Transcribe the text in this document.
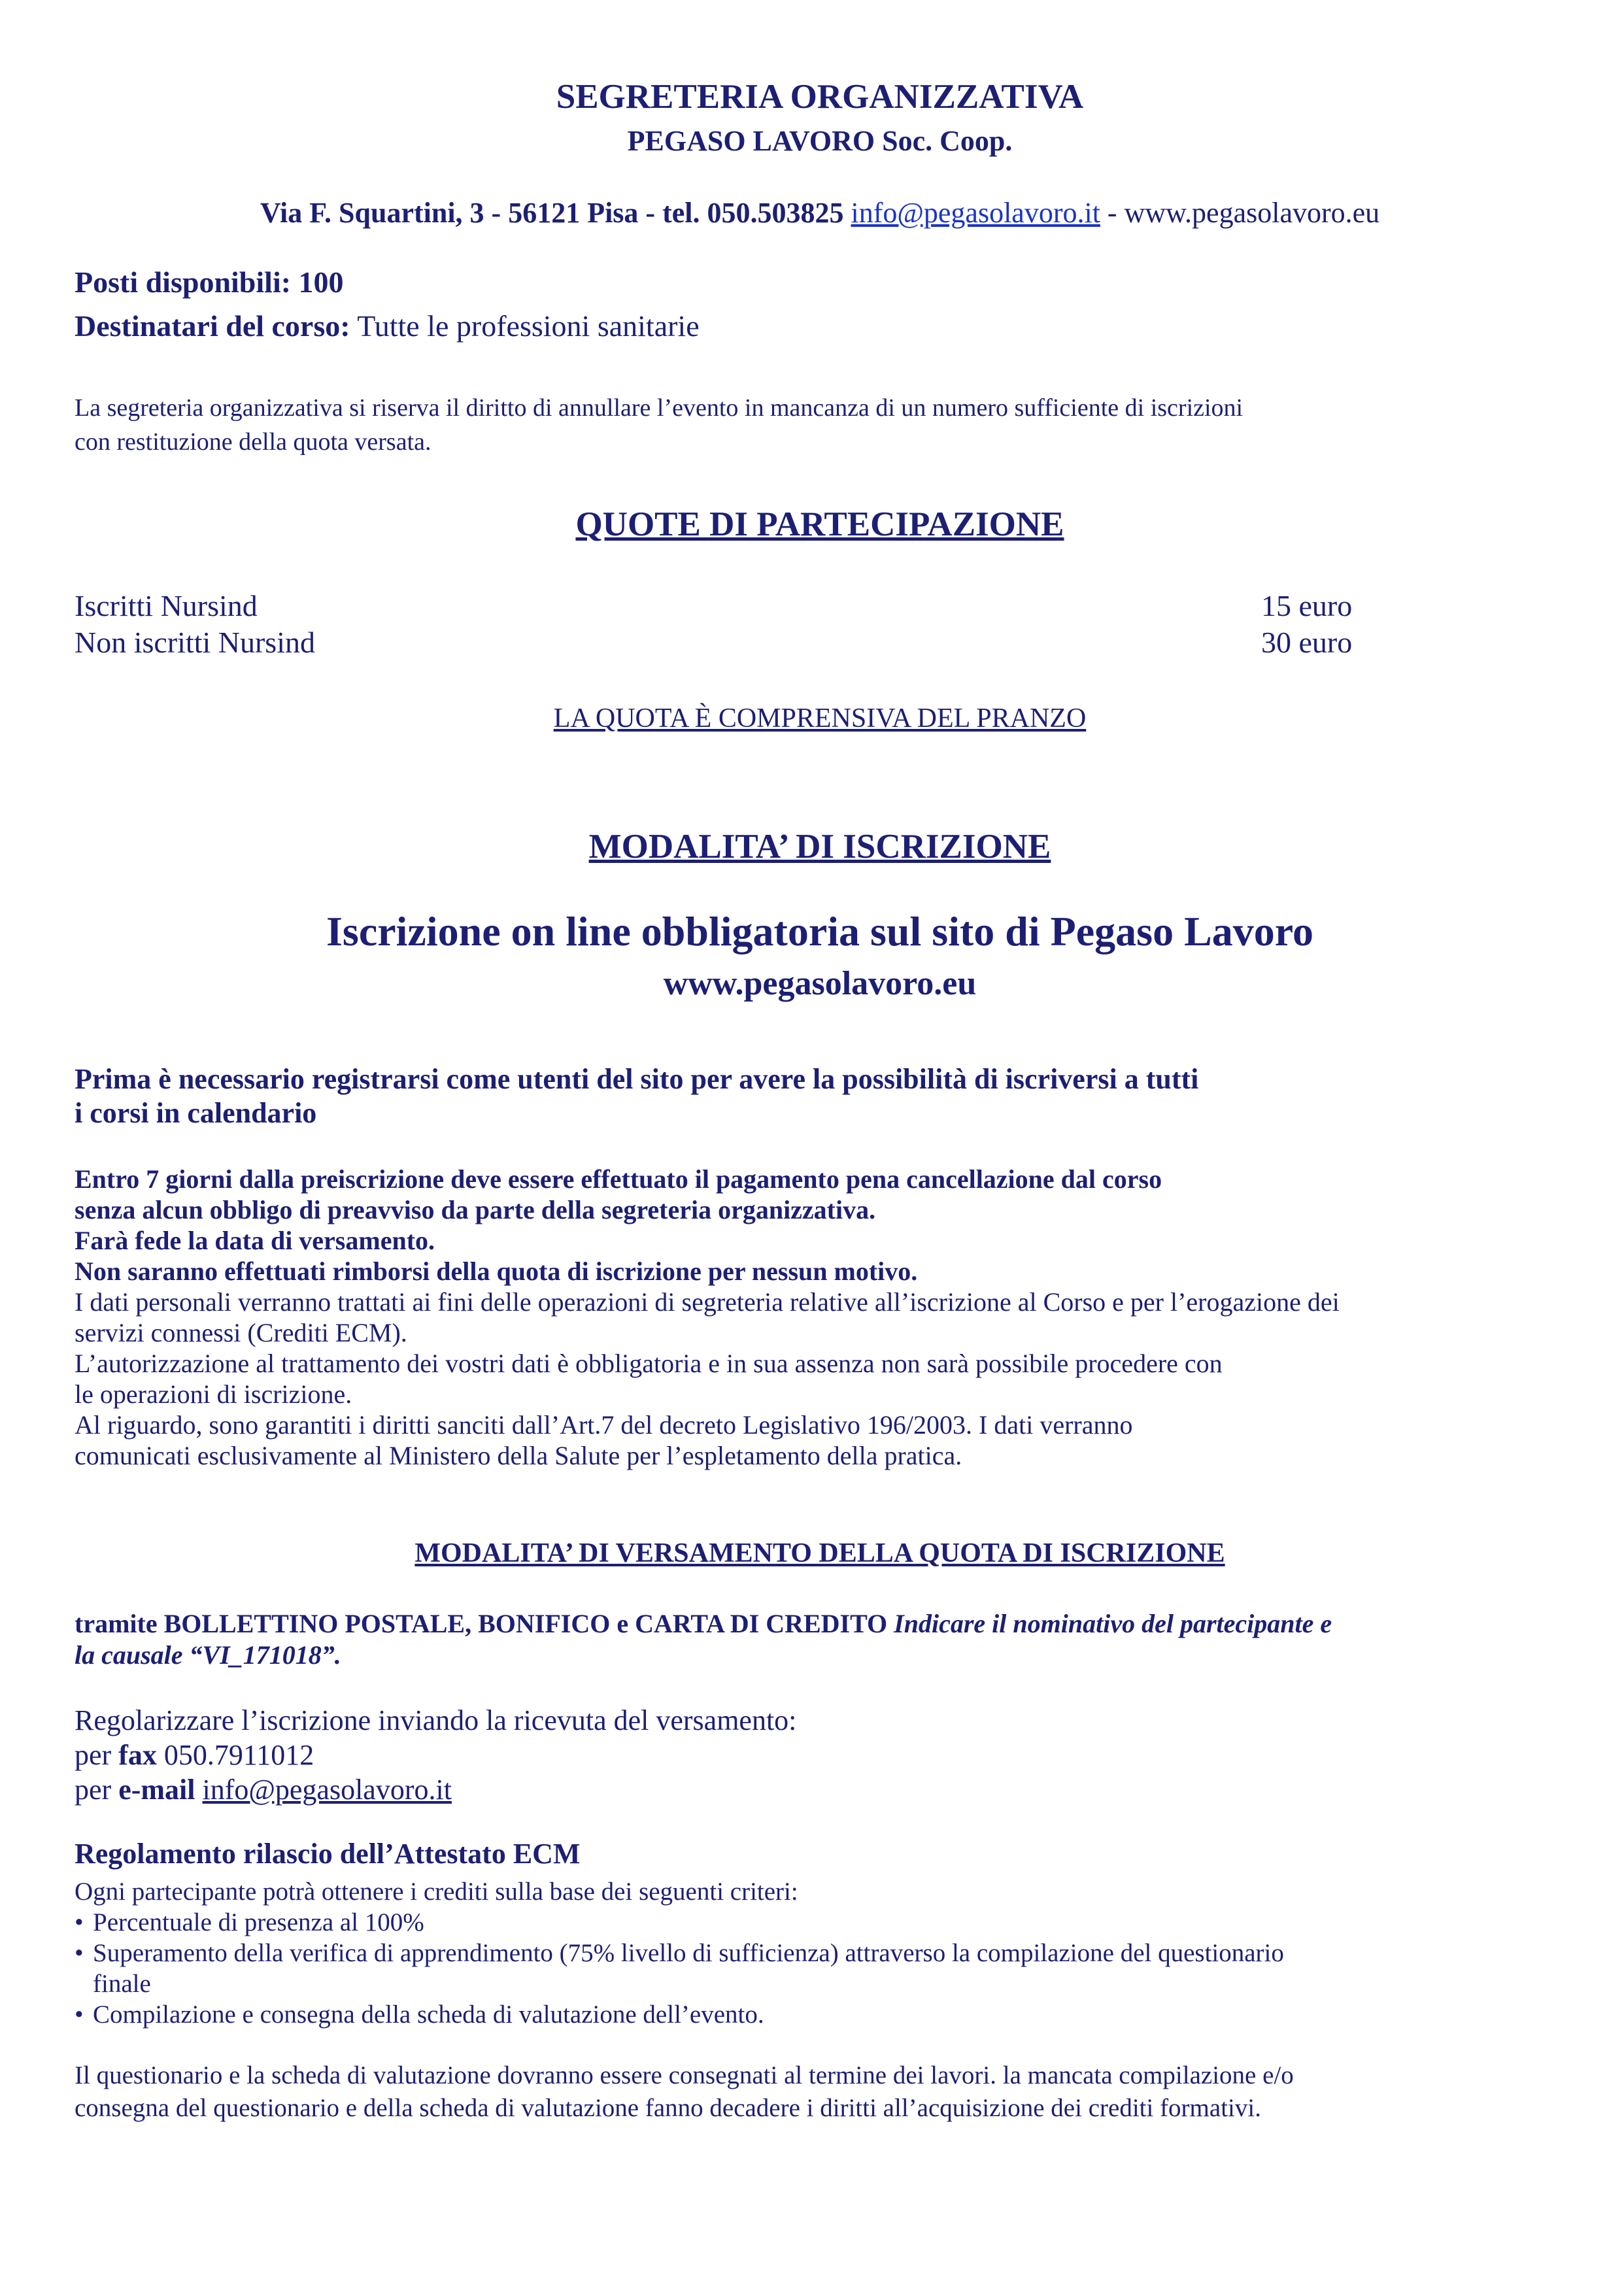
SEGRETERIA ORGANIZZATIVA
PEGASO LAVORO Soc. Coop.
Via F. Squartini, 3 - 56121 Pisa - tel. 050.503825 info@pegasolavoro.it - www.pegasolavoro.eu
Posti disponibili: 100
Destinatari del corso: Tutte le professioni sanitarie
La segreteria organizzativa si riserva il diritto di annullare l’evento in mancanza di un numero sufficiente di iscrizioni
con restituzione della quota versata.
QUOTE DI PARTECIPAZIONE
Iscritti Nursind	15 euro
Non iscritti Nursind	30 euro
LA QUOTA È COMPRENSIVA DEL PRANZO
MODALITA’ DI ISCRIZIONE
Iscrizione on line obbligatoria sul sito di Pegaso Lavoro
www.pegasolavoro.eu
Prima è necessario registrarsi come utenti del sito per avere la possibilità di iscriversi a tutti
i corsi in calendario
Entro 7 giorni dalla preiscrizione deve essere effettuato il pagamento pena cancellazione dal corso
senza alcun obbligo di preavviso da parte della segreteria organizzativa.
Farà fede la data di versamento.
Non saranno effettuati rimborsi della quota di iscrizione per nessun motivo.
I dati personali verranno trattati ai fini delle operazioni di segreteria relative all’iscrizione al Corso e per l’erogazione dei
servizi connessi (Crediti ECM).
L’autorizzazione al trattamento dei vostri dati è obbligatoria e in sua assenza non sarà possibile procedere con
le operazioni di iscrizione.
Al riguardo, sono garantiti i diritti sanciti dall’Art.7 del decreto Legislativo 196/2003. I dati verranno
comunicati esclusivamente al Ministero della Salute per l’espletamento della pratica.
MODALITA’ DI VERSAMENTO DELLA QUOTA DI ISCRIZIONE
tramite BOLLETTINO POSTALE, BONIFICO e CARTA DI CREDITO Indicare il nominativo del partecipante e
la causale “VI_171018”.
Regolarizzare l’iscrizione inviando la ricevuta del versamento:
per fax 050.7911012
per e-mail info@pegasolavoro.it
Regolamento rilascio dell’Attestato ECM
Ogni partecipante potrà ottenere i crediti sulla base dei seguenti criteri:
• Percentuale di presenza al 100%
• Superamento della verifica di apprendimento (75% livello di sufficienza) attraverso la compilazione del questionario
finale
• Compilazione e consegna della scheda di valutazione dell’evento.
Il questionario e la scheda di valutazione dovranno essere consegnati al termine dei lavori. la mancata compilazione e/o
consegna del questionario e della scheda di valutazione fanno decadere i diritti all’acquisizione dei crediti formativi.
